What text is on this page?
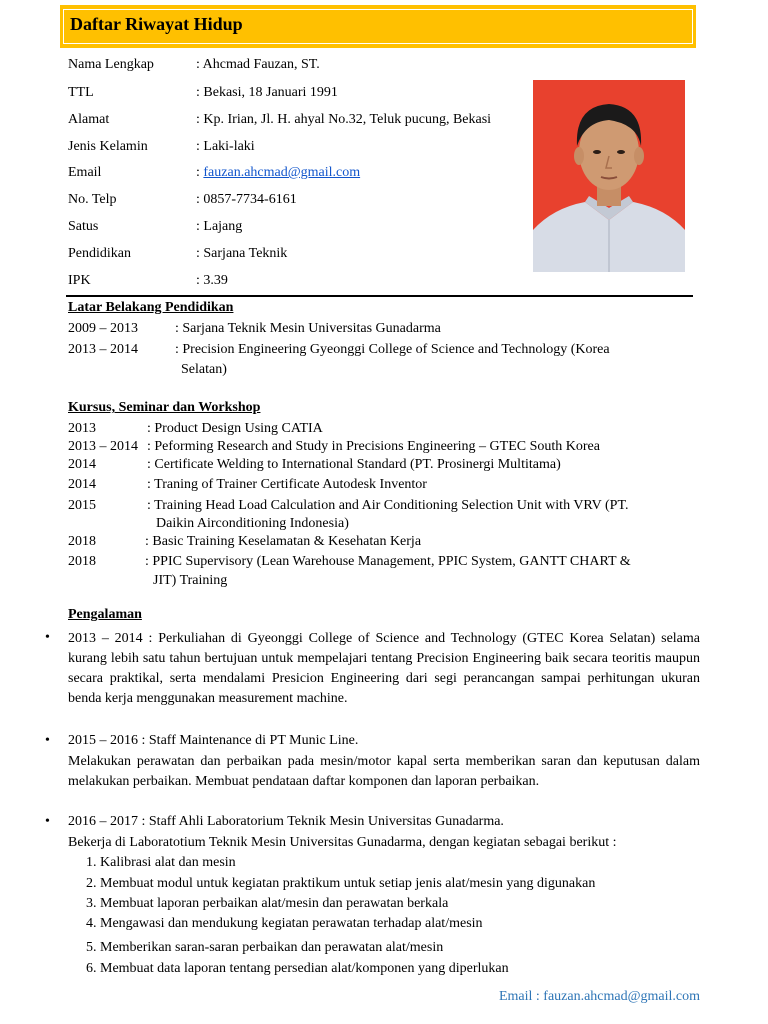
Daftar Riwayat Hidup
Nama Lengkap	: Ahcmad Fauzan, ST.
TTL	: Bekasi, 18 Januari 1991
Alamat	: Kp. Irian, Jl. H. ahyal No.32, Teluk pucung, Bekasi
Jenis Kelamin	: Laki-laki
Email	: fauzan.ahcmad@gmail.com
No. Telp	: 0857-7734-6161
Satus	: Lajang
Pendidikan	: Sarjana Teknik
IPK	: 3.39
Latar Belakang Pendidikan
2009 – 2013	: Sarjana Teknik Mesin Universitas Gunadarma
2013 – 2014	: Precision Engineering Gyeonggi College of Science and Technology (Korea
Selatan)
Kursus, Seminar dan Workshop
2013	: Product Design Using CATIA
2013 – 2014 : Peforming Research and Study in Precisions Engineering – GTEC South Korea
2014	: Certificate Welding to International Standard (PT. Prosinergi Multitama)
2014	: Traning of Trainer Certificate Autodesk Inventor
2015	: Training Head Load Calculation and Air Conditioning Selection Unit with VRV (PT.
Daikin Airconditioning Indonesia)
2018	: Basic Training Keselamatan & Kesehatan Kerja
2018	: PPIC Supervisory (Lean Warehouse Management, PPIC System, GANTT CHART &
JIT) Training
Pengalaman
• 2013 – 2014 : Perkuliahan di Gyeonggi College of Science and Technology (GTEC Korea Selatan) selama kurang lebih satu tahun bertujuan untuk mempelajari tentang Precision Engineering baik secara teoritis maupun secara praktikal, serta mendalami Presicion Engineering dari segi perancangan sampai perhitungan ukuran benda kerja menggunakan measurement machine.
• 2015 – 2016 : Staff Maintenance di PT Munic Line.
Melakukan perawatan dan perbaikan pada mesin/motor kapal serta memberikan saran dan keputusan dalam melakukan perbaikan. Membuat pendataan daftar komponen dan laporan perbaikan.
• 2016 – 2017 : Staff Ahli Laboratorium Teknik Mesin Universitas Gunadarma.
Bekerja di Laboratotium Teknik Mesin Universitas Gunadarma, dengan kegiatan sebagai berikut :
1. Kalibrasi alat dan mesin
2. Membuat modul untuk kegiatan praktikum untuk setiap jenis alat/mesin yang digunakan
3. Membuat laporan perbaikan alat/mesin dan perawatan berkala
4. Mengawasi dan mendukung kegiatan perawatan terhadap alat/mesin
5. Memberikan saran-saran perbaikan dan perawatan alat/mesin
6. Membuat data laporan tentang persedian alat/komponen yang diperlukan
Email : fauzan.ahcmad@gmail.com
